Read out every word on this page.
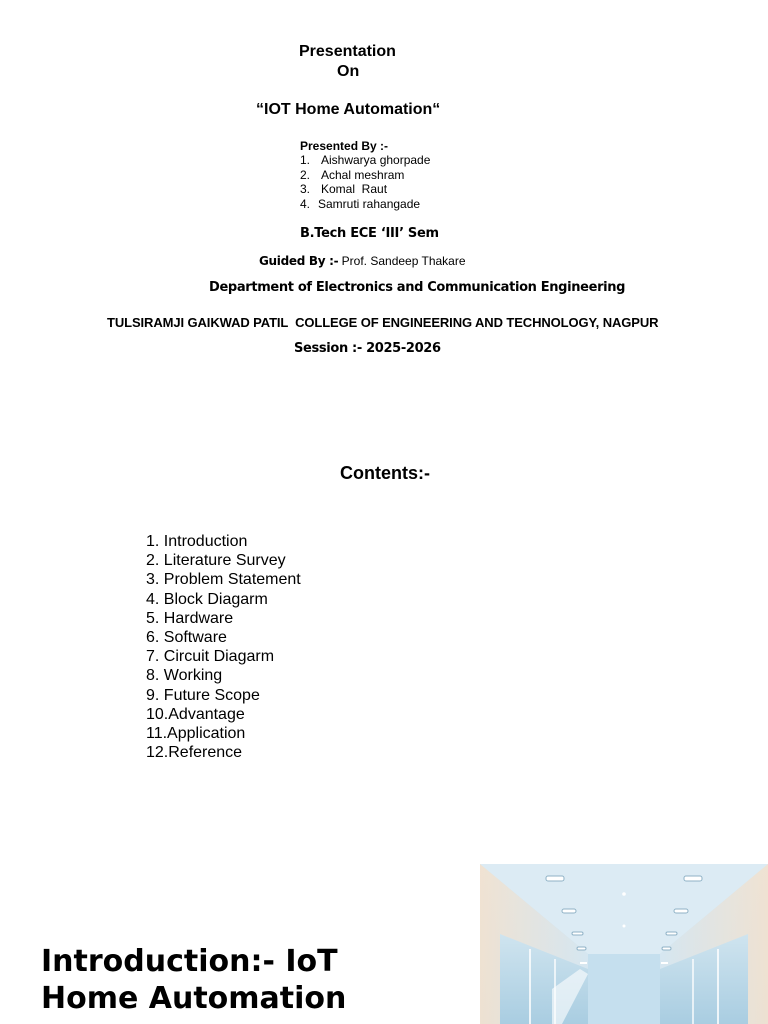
Presentation
On
“IOT Home Automation“
Presented By :-
1. Aishwarya ghorpade
2. Achal meshram
3. Komal  Raut
4. Samruti rahangade
B.Tech ECE ‘III’ Sem
Guided By :- Prof. Sandeep Thakare
Department of Electronics and Communication Engineering
TULSIRAMJI GAIKWAD PATIL  COLLEGE OF ENGINEERING AND TECHNOLOGY, NAGPUR
Session :- 2025-2026
Contents:-
1. Introduction
2. Literature Survey
3. Problem Statement
4. Block Diagarm
5. Hardware
6. Software
7. Circuit Diagarm
8. Working
9. Future Scope
10.Advantage
11.Application
12.Reference
Introduction:- IoT
Home Automation
